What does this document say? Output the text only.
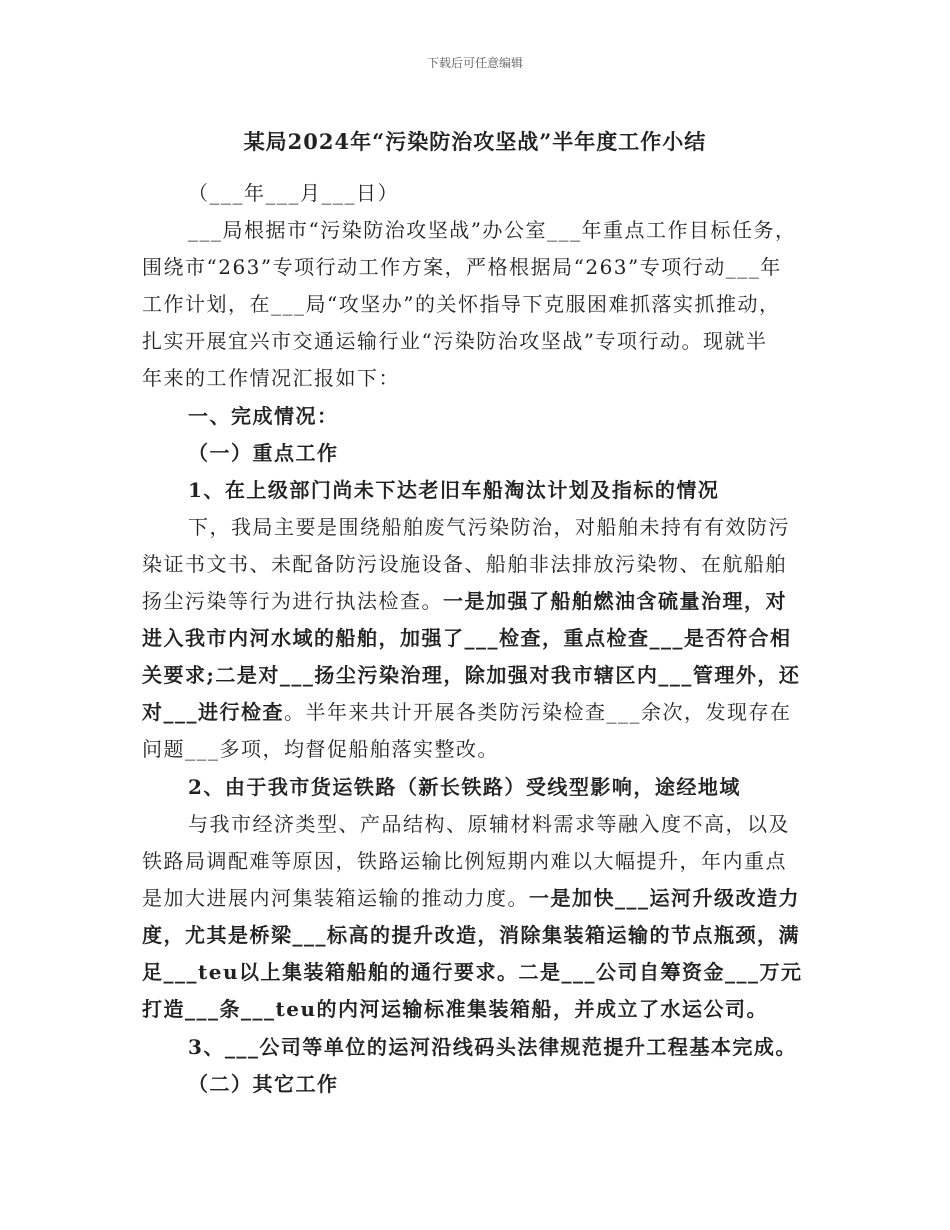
下载后可任意编辑
某局2024年“污染防治攻坚战”半年度工作小结
（___年___月___日）
___局根据市“污染防治攻坚战”办公室___年重点工作目标任务，
围绕市“263”专项行动工作方案，严格根据局“263”专项行动___年
工作计划，在___局“攻坚办”的关怀指导下克服困难抓落实抓推动，
扎实开展宜兴市交通运输行业“污染防治攻坚战”专项行动。现就半
年来的工作情况汇报如下：
一、完成情况：
（一）重点工作
1、在上级部门尚未下达老旧车船淘汰计划及指标的情况
下，我局主要是围绕船舶废气污染防治，对船舶未持有有效防污
染证书文书、未配备防污设施设备、船舶非法排放污染物、在航船舶
扬尘污染等行为进行执法检查。一是加强了船舶燃油含硫量治理，对
进入我市内河水域的船舶，加强了___检查，重点检查___是否符合相
关要求;二是对___扬尘污染治理，除加强对我市辖区内___管理外，还
对___进行检查。半年来共计开展各类防污染检查___余次，发现存在
问题___多项，均督促船舶落实整改。
2、由于我市货运铁路（新长铁路）受线型影响，途经地域
与我市经济类型、产品结构、原辅材料需求等融入度不高，以及
铁路局调配难等原因，铁路运输比例短期内难以大幅提升，年内重点
是加大进展内河集装箱运输的推动力度。一是加快___运河升级改造力
度，尤其是桥梁___标高的提升改造，消除集装箱运输的节点瓶颈，满
足___teu以上集装箱船舶的通行要求。二是___公司自筹资金___万元
打造___条___teu的内河运输标准集装箱船，并成立了水运公司。
3、___公司等单位的运河沿线码头法律规范提升工程基本完成。
（二）其它工作
